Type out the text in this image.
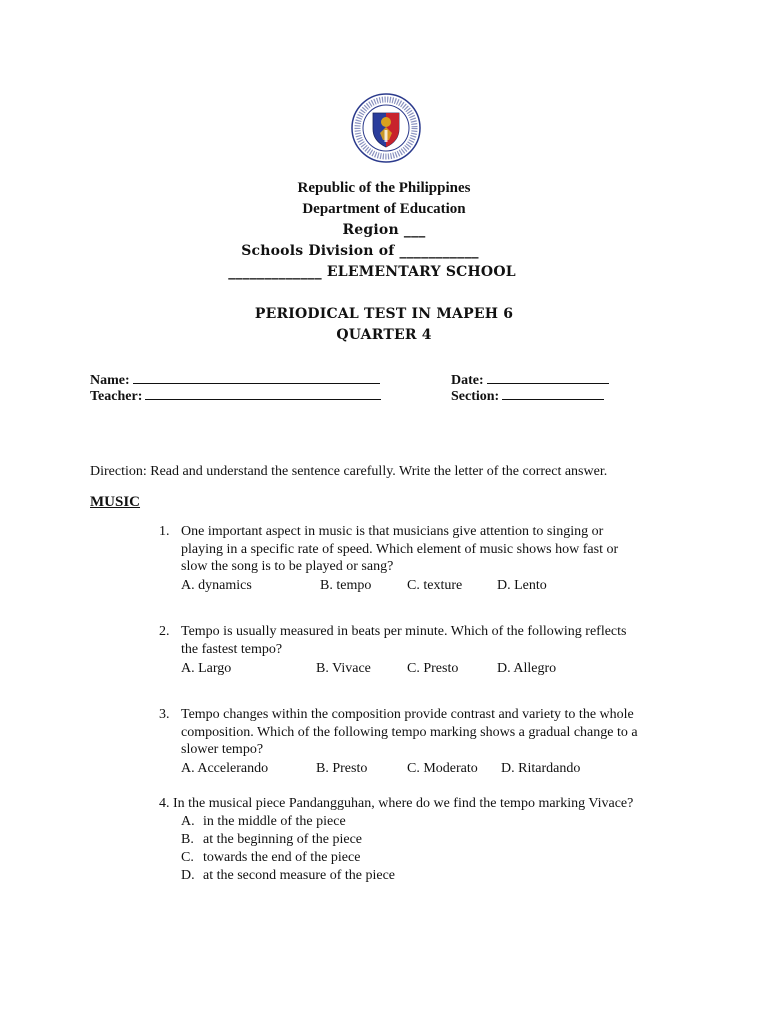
Republic of the Philippines
Department of Education
Region ___
Schools Division of ___________
_____________ ELEMENTARY SCHOOL
PERIODICAL TEST IN MAPEH 6
QUARTER 4
Name:
Teacher:
Date:
Section:
Direction: Read and understand the sentence carefully. Write the letter of the correct answer.
MUSIC
1. One important aspect in music is that musicians give attention to singing or
playing in a specific rate of speed. Which element of music shows how fast or
slow the song is to be played or sang?
A. dynamics	B. tempo	C. texture D. Lento
2. Tempo is usually measured in beats per minute. Which of the following reflects
the fastest tempo?
A. Largo	B. Vivace	C. Presto	D. Allegro
3. Tempo changes within the composition provide contrast and variety to the whole
composition. Which of the following tempo marking shows a gradual change to a
slower tempo?
A. Accelerando	B. Presto	C. Moderato D. Ritardando
4. In the musical piece Pandangguhan, where do we find the tempo marking Vivace?
A. in the middle of the piece
B. at the beginning of the piece
C. towards the end of the piece
D. at the second measure of the piece
